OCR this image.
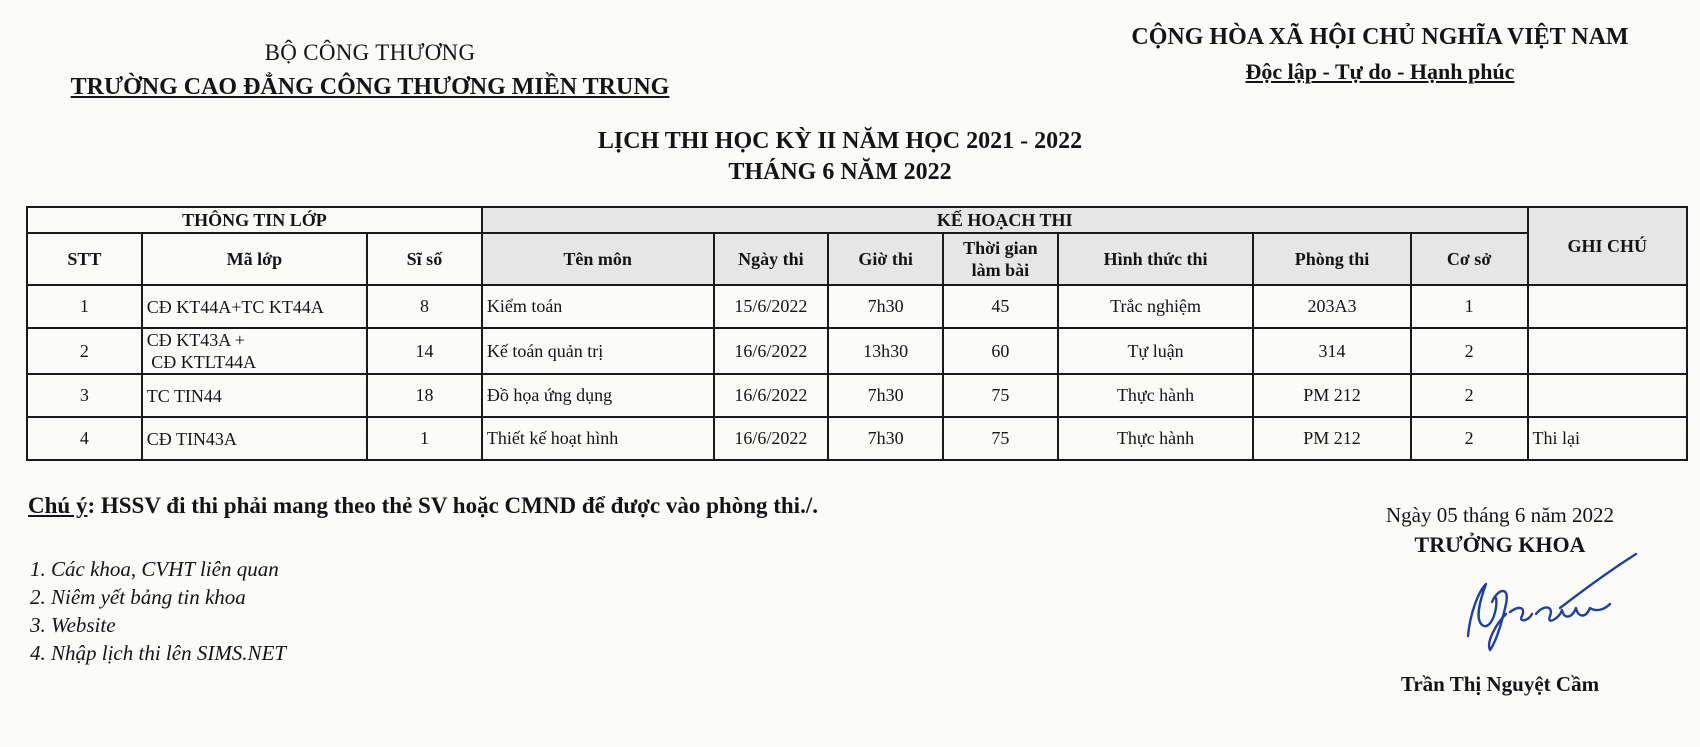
BỘ CÔNG THƯƠNG
TRƯỜNG CAO ĐẲNG CÔNG THƯƠNG MIỀN TRUNG
CỘNG HÒA XÃ HỘI CHỦ NGHĨA VIỆT NAM
Độc lập - Tự do - Hạnh phúc
LỊCH THI HỌC KỲ II NĂM HỌC 2021 - 2022
THÁNG 6 NĂM 2022
THÔNG TIN LỚP			KẾ HOẠCH THI							GHI CHÚ
STT	Mã lớp	Sĩ số	Tên môn	Ngày thi	Giờ thi	Thời gian làm bài	Hình thức thi	Phòng thi	Cơ sở	
1	CĐ KT44A+TC KT44A	8	Kiểm toán	15/6/2022	7h30	45	Trắc nghiệm	203A3	1	
2	CĐ KT43A +
CĐ KTLT44A	14	Kế toán quản trị	16/6/2022	13h30	60	Tự luận	314	2	
3	TC TIN44	18	Đồ họa ứng dụng	16/6/2022	7h30	75	Thực hành	PM 212	2	
4	CĐ TIN43A	1	Thiết kế hoạt hình	16/6/2022	7h30	75	Thực hành	PM 212	2	Thi lại
Chú ý: HSSV đi thi phải mang theo thẻ SV hoặc CMND để được vào phòng thi./.
1. Các khoa, CVHT liên quan
2. Niêm yết bảng tin khoa
3. Website
4. Nhập lịch thi lên SIMS.NET
Ngày 05 tháng 6 năm 2022
TRƯỞNG KHOA
Trần Thị Nguyệt Cầm
